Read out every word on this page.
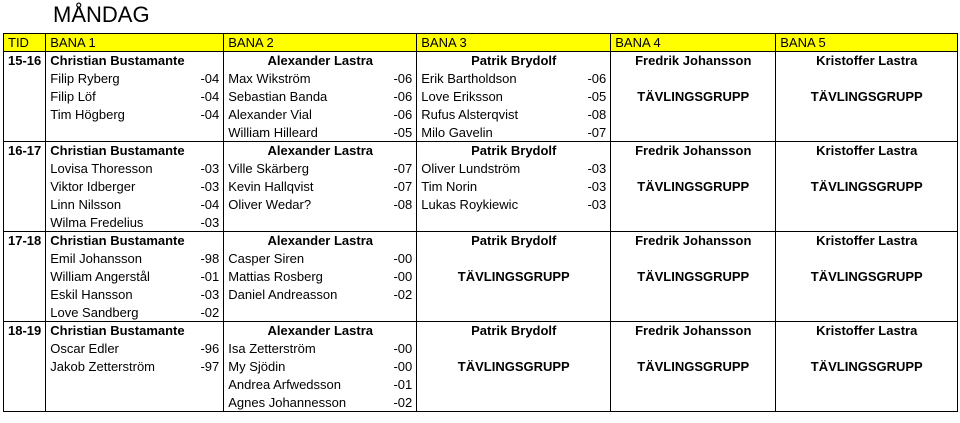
MÅNDAG
TID	BANA 1		BANA 2		BANA 3		BANA 4	BANA 5
15-16	Christian Bustamante		Alexander Lastra		Patrik Brydolf		Fredrik Johansson	Kristoffer Lastra
	Filip Ryberg	-04	Max Wikström	-06	Erik Bartholdson	-06		
	Filip Löf	-04	Sebastian Banda	-06	Love Eriksson	-05	TÄVLINGSGRUPP	TÄVLINGSGRUPP
	Tim Högberg	-04	Alexander Vial	-06	Rufus Alsterqvist	-08		
			William Hilleard	-05	Milo Gavelin	-07		
16-17	Christian Bustamante		Alexander Lastra		Patrik Brydolf		Fredrik Johansson	Kristoffer Lastra
	Lovisa Thoresson	-03	Ville Skärberg	-07	Oliver Lundström	-03		
	Viktor Idberger	-03	Kevin Hallqvist	-07	Tim Norin	-03	TÄVLINGSGRUPP	TÄVLINGSGRUPP
	Linn Nilsson	-04	Oliver Wedar?	-08	Lukas Roykiewic	-03		
	Wilma Fredelius	-03						
17-18	Christian Bustamante		Alexander Lastra		Patrik Brydolf		Fredrik Johansson	Kristoffer Lastra
	Emil Johansson	-98	Casper Siren	-00				
	William Angerstål	-01	Mattias Rosberg	-00	TÄVLINGSGRUPP		TÄVLINGSGRUPP	TÄVLINGSGRUPP
	Eskil Hansson	-03	Daniel Andreasson	-02				
	Love Sandberg	-02						
18-19	Christian Bustamante		Alexander Lastra		Patrik Brydolf		Fredrik Johansson	Kristoffer Lastra
	Oscar Edler	-96	Isa Zetterström	-00				
	Jakob Zetterström	-97	My Sjödin	-00	TÄVLINGSGRUPP		TÄVLINGSGRUPP	TÄVLINGSGRUPP
			Andrea Arfwedsson	-01				
			Agnes Johannesson	-02				
